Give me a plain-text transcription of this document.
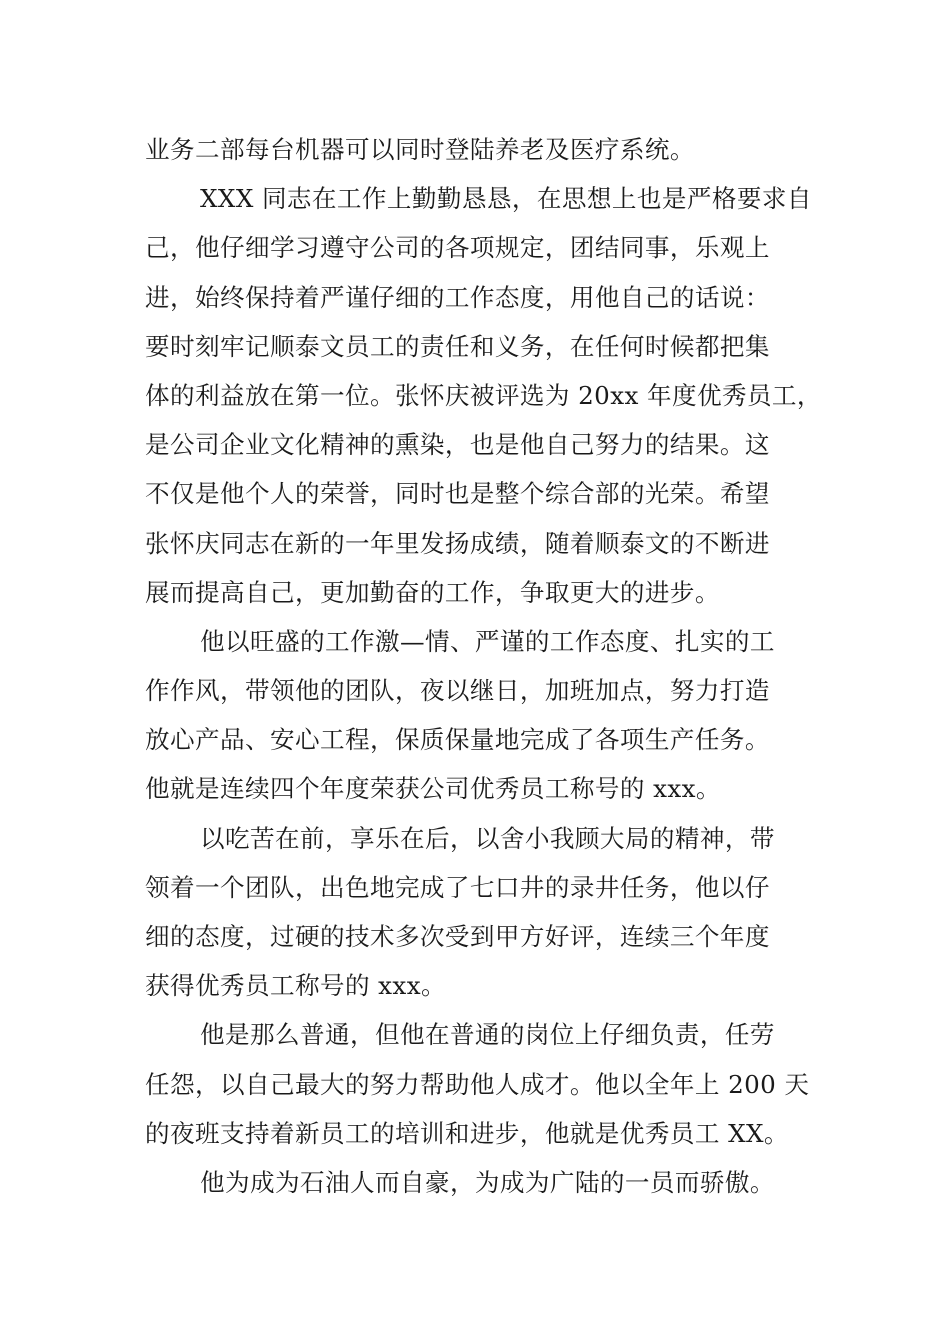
业务二部每台机器可以同时登陆养老及医疗系统。
XXX 同志在工作上勤勤恳恳，在思想上也是严格要求自
己，他仔细学习遵守公司的各项规定，团结同事，乐观上
进，始终保持着严谨仔细的工作态度，用他自己的话说：
要时刻牢记顺泰文员工的责任和义务，在任何时候都把集
体的利益放在第一位。张怀庆被评选为 20xx 年度优秀员工，
是公司企业文化精神的熏染，也是他自己努力的结果。这
不仅是他个人的荣誉，同时也是整个综合部的光荣。希望
张怀庆同志在新的一年里发扬成绩，随着顺泰文的不断进
展而提高自己，更加勤奋的工作，争取更大的进步。
他以旺盛的工作激—情、严谨的工作态度、扎实的工
作作风，带领他的团队，夜以继日，加班加点，努力打造
放心产品、安心工程，保质保量地完成了各项生产任务。
他就是连续四个年度荣获公司优秀员工称号的 xxx。
以吃苦在前，享乐在后，以舍小我顾大局的精神，带
领着一个团队，出色地完成了七口井的录井任务，他以仔
细的态度，过硬的技术多次受到甲方好评，连续三个年度
获得优秀员工称号的 xxx。
他是那么普通，但他在普通的岗位上仔细负责，任劳
任怨，以自己最大的努力帮助他人成才。他以全年上 200 天
的夜班支持着新员工的培训和进步，他就是优秀员工 XX。
他为成为石油人而自豪，为成为广陆的一员而骄傲。
